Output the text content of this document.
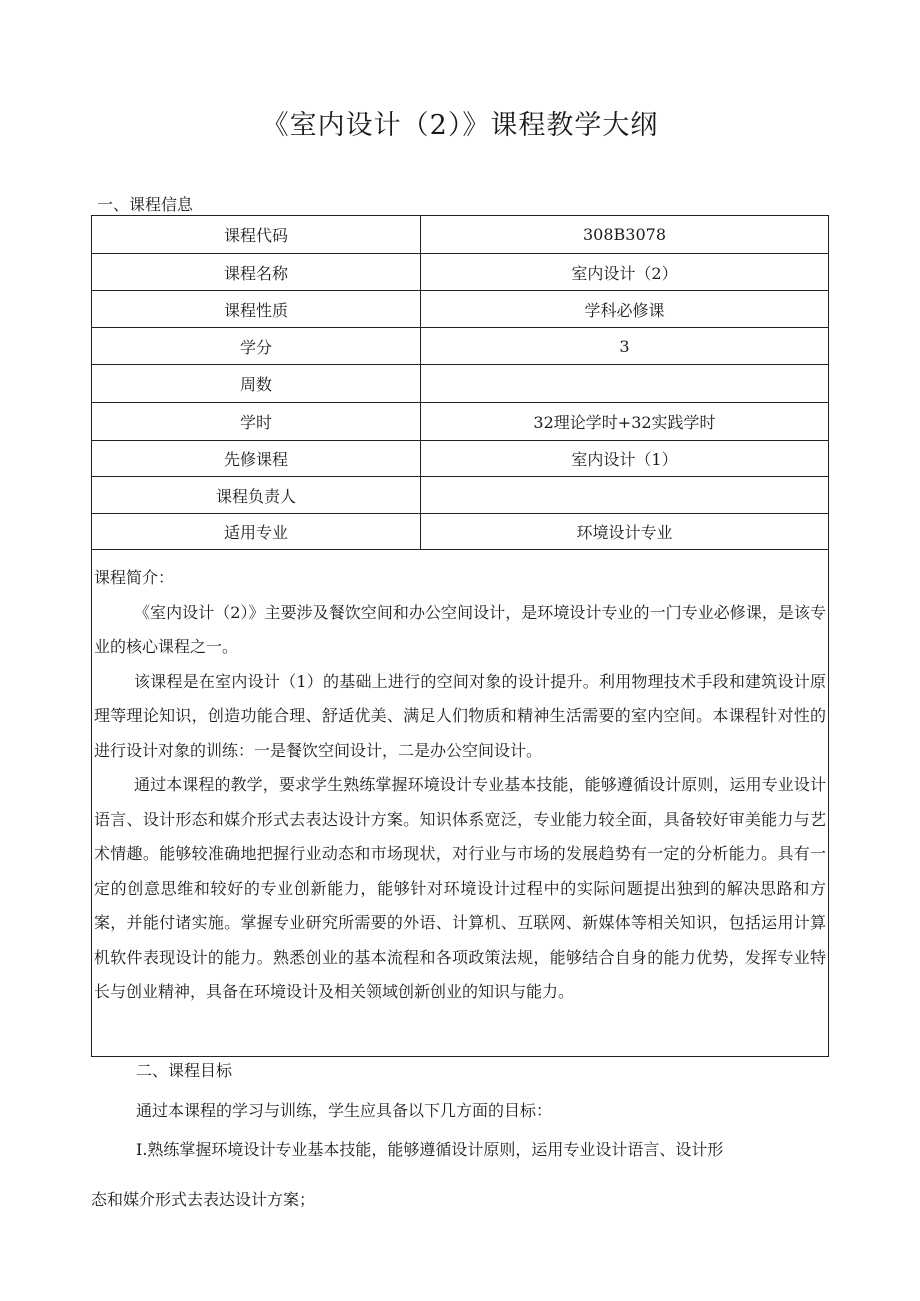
《室内设计（2）》课程教学大纲
一、课程信息
课程代码	308B3078
课程名称	室内设计（2）
课程性质	学科必修课
学分	3
周数	
学时	32理论学时+32实践学时
先修课程	室内设计（1）
课程负责人	
适用专业	环境设计专业

课程简介：

《室内设计（2）》主要涉及餐饮空间和办公空间设计，是环境设计专业的一门专业必修课，是该专业的核心课程之一。

该课程是在室内设计（1）的基础上进行的空间对象的设计提升。利用物理技术手段和建筑设计原理等理论知识，创造功能合理、舒适优美、满足人们物质和精神生活需要的室内空间。本课程针对性的进行设计对象的训练：一是餐饮空间设计，二是办公空间设计。

通过本课程的教学，要求学生熟练掌握环境设计专业基本技能，能够遵循设计原则，运用专业设计语言、设计形态和媒介形式去表达设计方案。知识体系宽泛，专业能力较全面，具备较好审美能力与艺术情趣。能够较准确地把握行业动态和市场现状，对行业与市场的发展趋势有一定的分析能力。具有一定的创意思维和较好的专业创新能力，能够针对环境设计过程中的实际问题提出独到的解决思路和方案，并能付诸实施。掌握专业研究所需要的外语、计算机、互联网、新媒体等相关知识，包括运用计算机软件表现设计的能力。熟悉创业的基本流程和各项政策法规，能够结合自身的能力优势，发挥专业特长与创业精神，具备在环境设计及相关领域创新创业的知识与能力。

二、课程目标
通过本课程的学习与训练，学生应具备以下几方面的目标：
I.熟练掌握环境设计专业基本技能，能够遵循设计原则，运用专业设计语言、设计形
态和媒介形式去表达设计方案；
